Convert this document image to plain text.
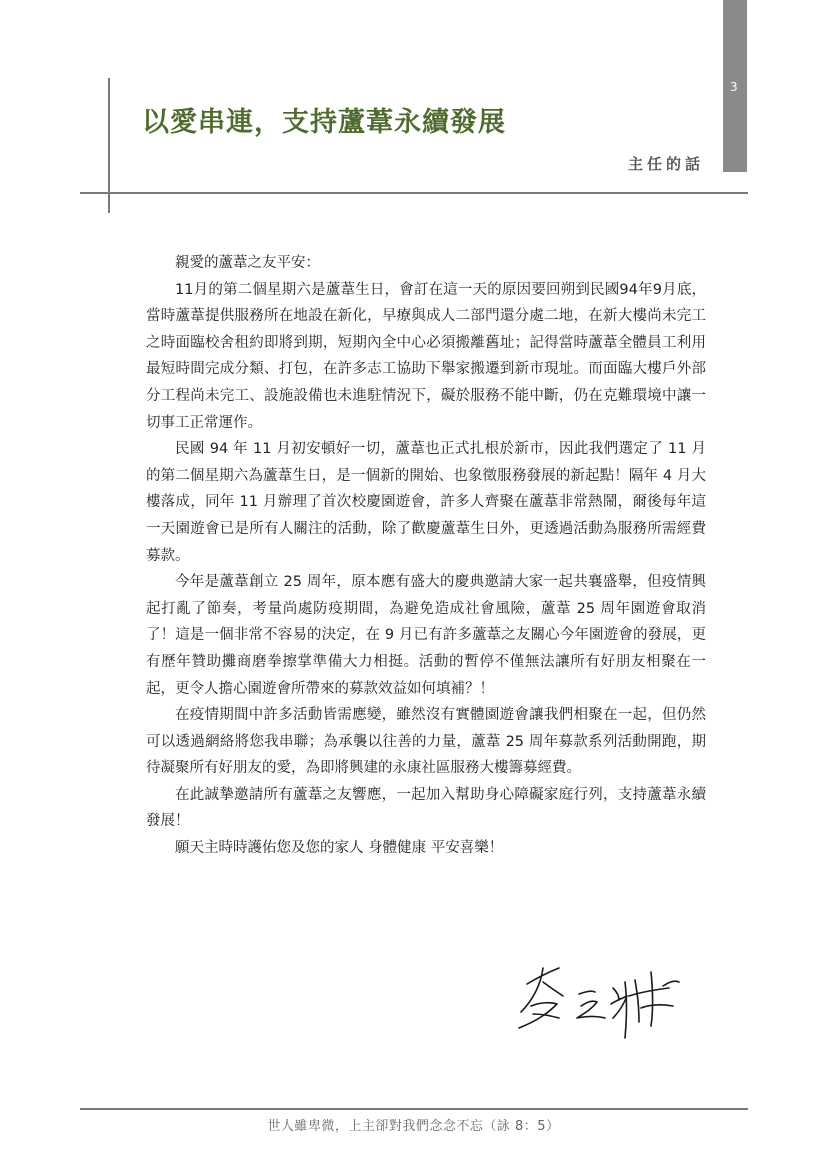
3
以愛串連，支持蘆葦永續發展
主任的話

親愛的蘆葦之友平安：

11月的第二個星期六是蘆葦生日，會訂在這一天的原因要回朔到民國94年9月底，當時蘆葦提供服務所在地設在新化，早療與成人二部門還分處二地，在新大樓尚未完工之時面臨校舍租約即將到期，短期內全中心必須搬離舊址；記得當時蘆葦全體員工利用最短時間完成分類、打包，在許多志工協助下舉家搬遷到新市現址。而面臨大樓戶外部分工程尚未完工、設施設備也未進駐情況下，礙於服務不能中斷，仍在克難環境中讓一切事工正常運作。

民國 94 年 11 月初安頓好一切，蘆葦也正式扎根於新市，因此我們選定了 11 月的第二個星期六為蘆葦生日，是一個新的開始、也象徵服務發展的新起點！隔年 4 月大樓落成，同年 11 月辦理了首次校慶園遊會，許多人齊聚在蘆葦非常熱鬧，爾後每年這一天園遊會已是所有人關注的活動，除了歡慶蘆葦生日外，更透過活動為服務所需經費募款。

今年是蘆葦創立 25 周年，原本應有盛大的慶典邀請大家一起共襄盛舉，但疫情興起打亂了節奏，考量尚處防疫期間，為避免造成社會風險，蘆葦 25 周年園遊會取消了！這是一個非常不容易的決定，在 9 月已有許多蘆葦之友關心今年園遊會的發展，更有歷年贊助攤商磨拳擦掌準備大力相挺。活動的暫停不僅無法讓所有好朋友相聚在一起，更令人擔心園遊會所帶來的募款效益如何填補？！

在疫情期間中許多活動皆需應變，雖然沒有實體園遊會讓我們相聚在一起，但仍然可以透過網絡將您我串聯；為承襲以往善的力量，蘆葦 25 周年募款系列活動開跑，期待凝聚所有好朋友的愛，為即將興建的永康社區服務大樓籌募經費。

在此誠摯邀請所有蘆葦之友響應，一起加入幫助身心障礙家庭行列，支持蘆葦永續發展！

願天主時時護佑您及您的家人 身體健康 平安喜樂！

世人雖卑微，上主卻對我們念念不忘（詠 8：5）
